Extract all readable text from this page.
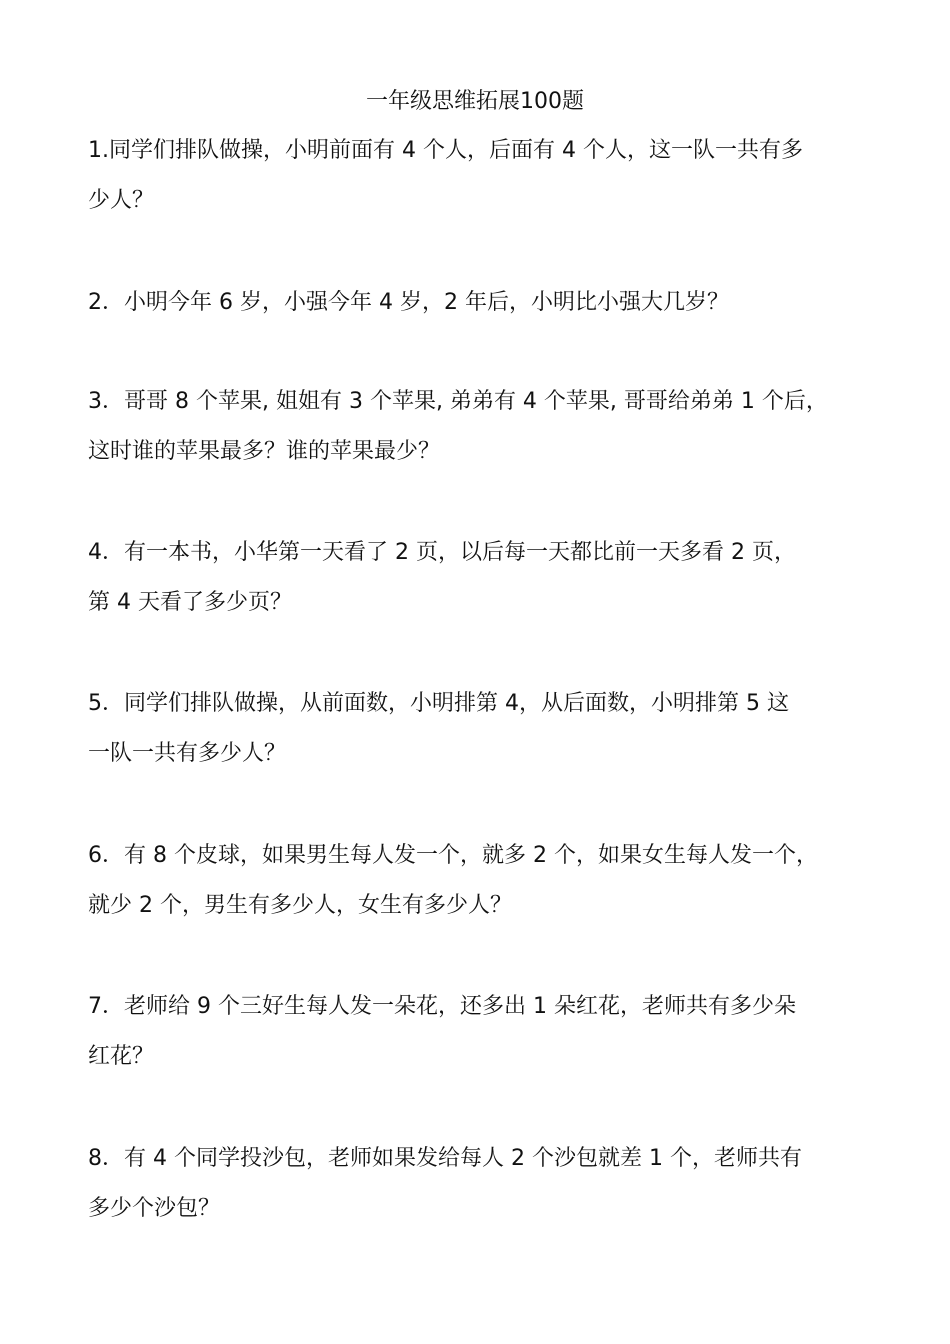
一年级思维拓展100题

1.同学们排队做操，小明前面有 4 个人，后面有 4 个人，这一队一共有多
少人？

2．小明今年 6 岁，小强今年 4 岁，2 年后，小明比小强大几岁？

3．哥哥 8 个苹果, 姐姐有 3 个苹果, 弟弟有 4 个苹果, 哥哥给弟弟 1 个后，
这时谁的苹果最多？谁的苹果最少？

4．有一本书，小华第一天看了 2 页，以后每一天都比前一天多看 2 页，
第 4 天看了多少页？

5．同学们排队做操，从前面数，小明排第 4，从后面数，小明排第 5 这
一队一共有多少人？

6．有 8 个皮球，如果男生每人发一个，就多 2 个，如果女生每人发一个，
就少 2 个，男生有多少人，女生有多少人？

7．老师给 9 个三好生每人发一朵花，还多出 1 朵红花，老师共有多少朵
红花？

8．有 4 个同学投沙包，老师如果发给每人 2 个沙包就差 1 个，老师共有
多少个沙包？
